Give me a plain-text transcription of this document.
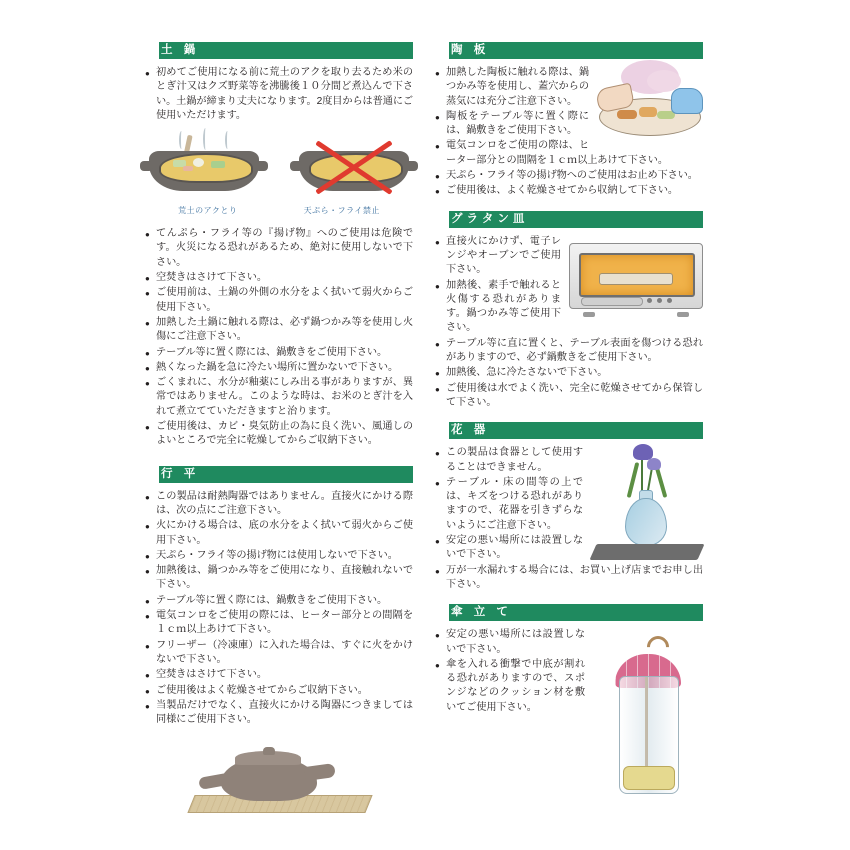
土 鍋
● 初めてご使用になる前に荒土のアクを取り去るため米のとぎ汁又はクズ野菜等を沸騰後１０分間ど煮込んで下さい。土鍋が締まり丈夫になります。2度目からは普通にご使用いただけます。
荒土のアクとり	天ぷら・フライ禁止
● てんぷら・フライ等の『揚げ物』へのご使用は危険です。火災になる恐れがあるため、絶対に使用しないで下さい。
● 空焚きはさけて下さい。
● ご使用前は、土鍋の外側の水分をよく拭いて弱火からご使用下さい。
● 加熱した土鍋に触れる際は、必ず鍋つかみ等を使用し火傷にご注意下さい。
● テーブル等に置く際には、鍋敷きをご使用下さい。
● 熱くなった鍋を急に冷たい場所に置かないで下さい。
● ごくまれに、水分が釉薬にしみ出る事がありますが、異常ではありません。このような時は、お米のとぎ汁を入れて煮立てていただきますと治ります。
● ご使用後は、カビ・臭気防止の為に良く洗い、風通しのよいところで完全に乾燥してからご収納下さい。
行 平
● この製品は耐熱陶器ではありません。直接火にかける際は、次の点にご注意下さい。
● 火にかける場合は、底の水分をよく拭いて弱火からご使用下さい。
● 天ぷら・フライ等の揚げ物には使用しないで下さい。
● 加熱後は、鍋つかみ等をご使用になり、直接触れないで下さい。
● テーブル等に置く際には、鍋敷きをご使用下さい。
● 電気コンロをご使用の際には、ヒーター部分との間隔を１ｃｍ以上あけて下さい。
● フリーザー（冷凍庫）に入れた場合は、すぐに火をかけないで下さい。
● 空焚きはさけて下さい。
● ご使用後はよく乾燥させてからご収納下さい。
● 当製品だけでなく、直接火にかける陶器につきましては同様にご使用下さい。
陶 板
● 加熱した陶板に触れる際は、鍋つかみ等を使用し、蓋穴からの蒸気には充分ご注意下さい。
● 陶板をテーブル等に置く際には、鍋敷きをご使用下さい。
● 電気コンロをご使用の際は、ヒーター部分との間隔を１ｃｍ以上あけて下さい。
● 天ぷら・フライ等の揚げ物へのご使用はお止め下さい。
● ご使用後は、よく乾燥させてから収納して下さい。
グラタン皿
● 直接火にかけず、電子レンジやオーブンでご使用下さい。
● 加熱後、素手で触れると火傷する恐れがあります。鍋つかみ等ご使用下さい。
● テーブル等に直に置くと、テーブル表面を傷つける恐れがありますので、必ず鍋敷きをご使用下さい。
● 加熱後、急に冷たさないで下さい。
● ご使用後は水でよく洗い、完全に乾燥させてから保管して下さい。
花 器
● この製品は食器として使用することはできません。
● テーブル・床の間等の上では、キズをつける恐れがありますので、花器を引きずらないようにご注意下さい。
● 安定の悪い場所には設置しないで下さい。
● 万が一水漏れする場合には、お買い上げ店までお申し出下さい。
傘 立 て
● 安定の悪い場所には設置しないで下さい。
● 傘を入れる衝撃で中底が割れる恐れがありますので、スポンジなどのクッション材を敷いてご使用下さい。
